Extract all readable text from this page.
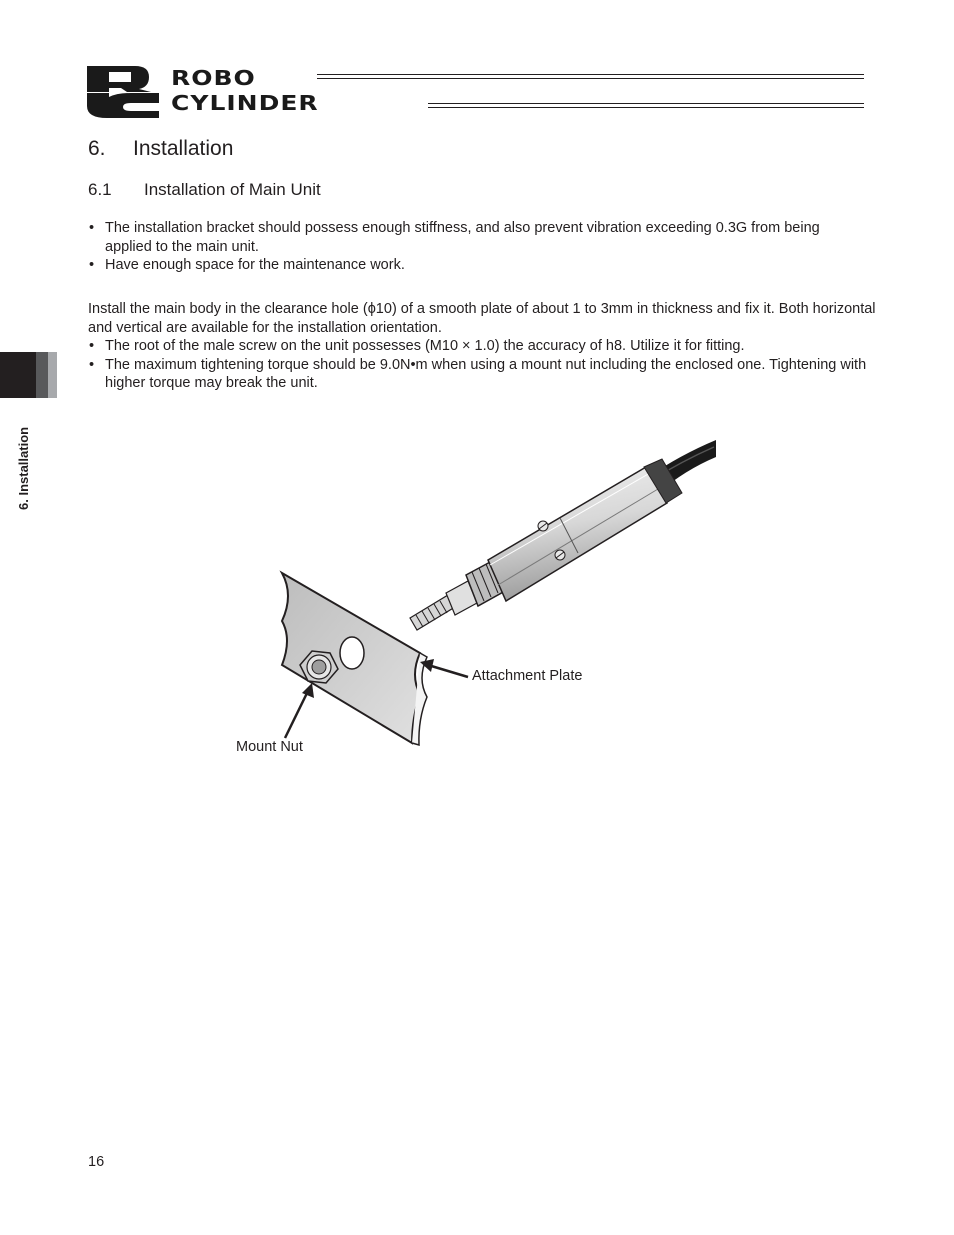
ROBO
CYLINDER
6. Installation
6.1 Installation of Main Unit
• The installation bracket should possess enough stiffness, and also prevent vibration exceeding 0.3G from being applied to the main unit.
• Have enough space for the maintenance work.

Install the main body in the clearance hole (ϕ10) of a smooth plate of about 1 to 3mm in thickness and fix it. Both horizontal and vertical are available for the installation orientation.

• The root of the male screw on the unit possesses (M10 × 1.0) the accuracy of h8. Utilize it for fitting.
• The maximum tightening torque should be 9.0N•m when using a mount nut including the enclosed one. Tightening with higher torque may break the unit.
6. Installation
Attachment Plate
Mount Nut
16
